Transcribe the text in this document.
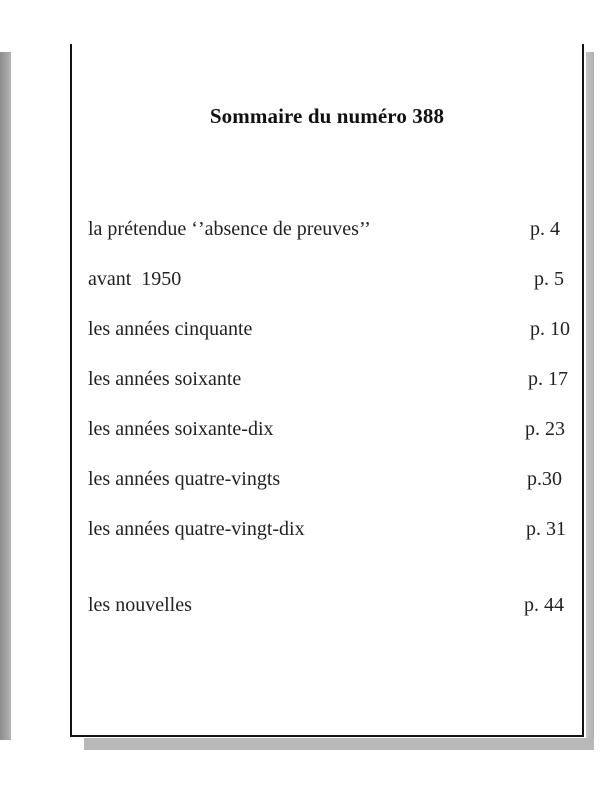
Sommaire du numéro 388
la prétendue ‘’absence de preuves’’	p. 4
avant  1950	p. 5
les années cinquante	p. 10
les années soixante	p. 17
les années soixante-dix	p. 23
les années quatre-vingts	p.30
les années quatre-vingt-dix	p. 31
les nouvelles	p. 44
